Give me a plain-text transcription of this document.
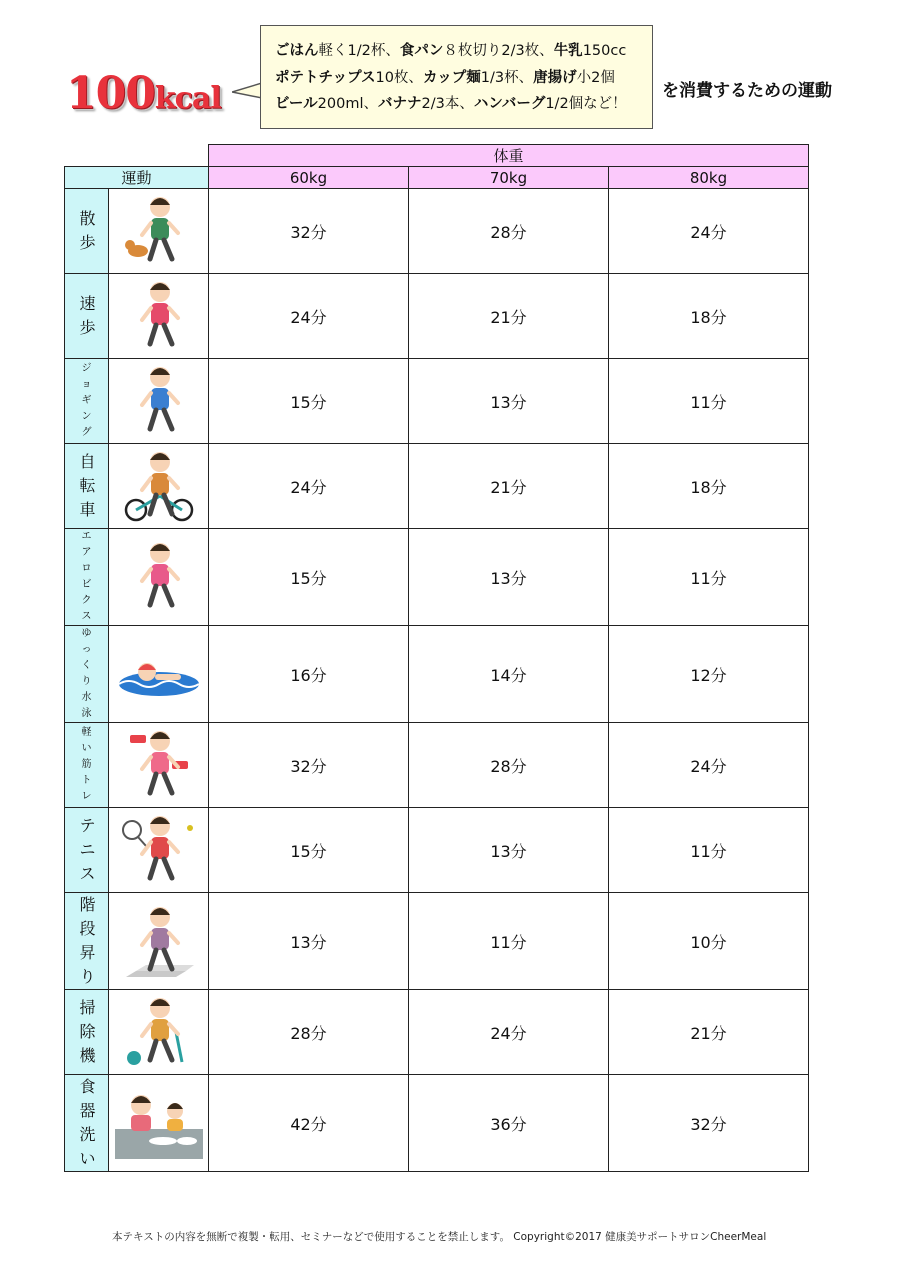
100kcal
ごはん軽く1/2杯、食パン８枚切り2/3枚、牛乳150cc
ポテトチップス10枚、カップ麺1/3杯、唐揚げ小2個
ビール200ml、バナナ2/3本、ハンバーグ1/2個など！
を消費するための運動
		体重		
運動		60kg	70kg	80kg
散歩		32分	28分	24分
速歩		24分	21分	18分
ジョギング		15分	13分	11分
自転車		24分	21分	18分
エアロビクス		15分	13分	11分
ゆっくり水泳		16分	14分	12分
軽い筋トレ		32分	28分	24分
テニス		15分	13分	11分
階段昇り		13分	11分	10分
掃除機		28分	24分	21分
食器洗い		42分	36分	32分
本テキストの内容を無断で複製・転用、セミナーなどで使用することを禁止します。 Copyright©2017 健康美サポートサロンCheerMeal
